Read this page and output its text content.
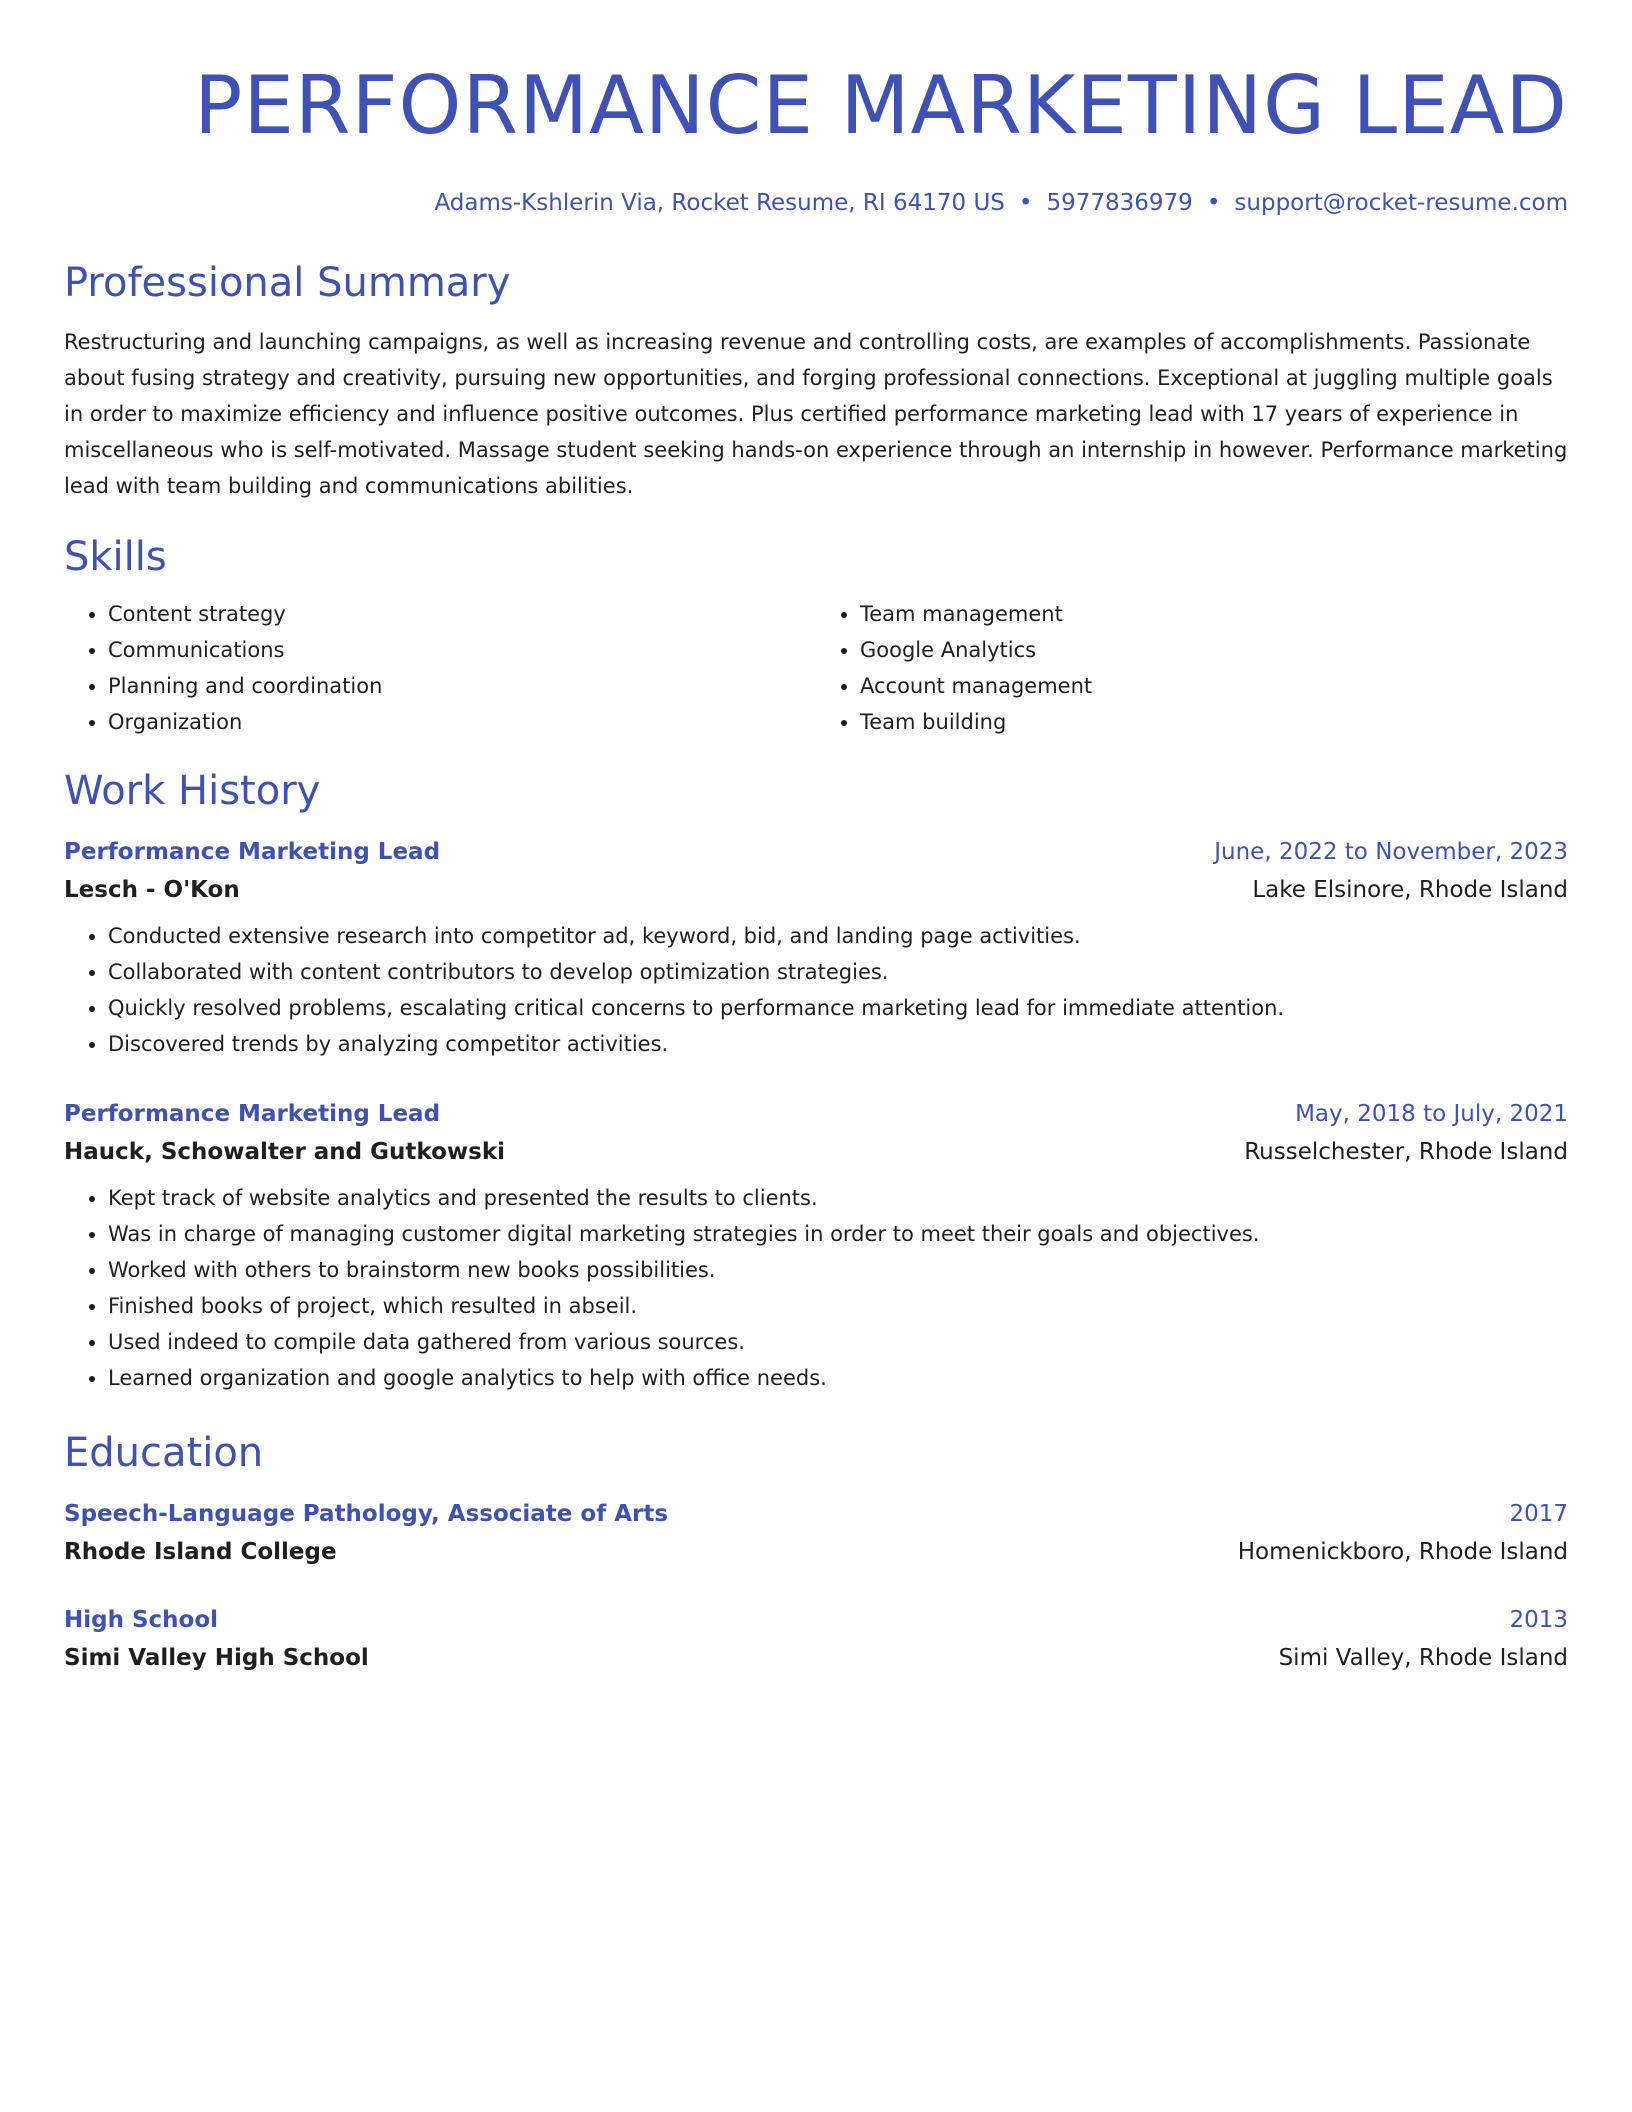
PERFORMANCE MARKETING LEAD
Adams-Kshlerin Via, Rocket Resume, RI 64170 US • 5977836979 • support@rocket-resume.com
Professional Summary

Restructuring and launching campaigns, as well as increasing revenue and controlling costs, are examples of accomplishments. Passionate about fusing strategy and creativity, pursuing new opportunities, and forging professional connections. Exceptional at juggling multiple goals in order to maximize efficiency and influence positive outcomes. Plus certified performance marketing lead with 17 years of experience in miscellaneous who is self-motivated. Massage student seeking hands-on experience through an internship in however. Performance marketing lead with team building and communications abilities.

Skills
• Content strategy
• Communications
• Planning and coordination
• Organization
• Team management
• Google Analytics
• Account management
• Team building
Work History
Performance Marketing Lead	June, 2022 to November, 2023
Lesch - O'Kon	Lake Elsinore, Rhode Island
• Conducted extensive research into competitor ad, keyword, bid, and landing page activities.
• Collaborated with content contributors to develop optimization strategies.
• Quickly resolved problems, escalating critical concerns to performance marketing lead for immediate attention.
• Discovered trends by analyzing competitor activities.
Performance Marketing Lead	May, 2018 to July, 2021
Hauck, Schowalter and Gutkowski	Russelchester, Rhode Island
• Kept track of website analytics and presented the results to clients.
• Was in charge of managing customer digital marketing strategies in order to meet their goals and objectives.
• Worked with others to brainstorm new books possibilities.
• Finished books of project, which resulted in abseil.
• Used indeed to compile data gathered from various sources.
• Learned organization and google analytics to help with office needs.
Education
Speech-Language Pathology, Associate of Arts	2017
Rhode Island College	Homenickboro, Rhode Island
High School	2013
Simi Valley High School	Simi Valley, Rhode Island
